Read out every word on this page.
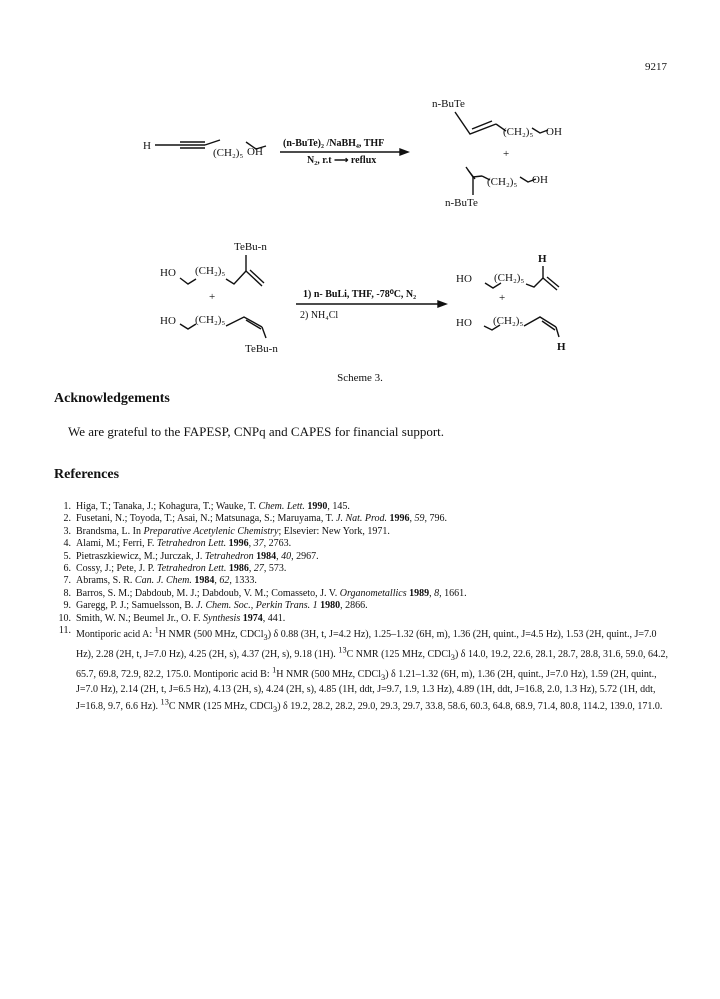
9217
H
(CH₂)₅ OH
(n-BuTe)₂ /NaBH₄, THF
N₂, r.t ⟶ reflux
n-BuTe
(CH₂)₅ OH
+
(CH₂)₅ OH
n-BuTe
TeBu-n
HO (CH₂)₅
+
HO (CH₂)₅
TeBu-n
1) n- BuLi, THF, -78⁰C, N₂
2) NH₄Cl
H
HO (CH₂)₅
+
HO (CH₂)₅
H
Scheme 3.
Acknowledgements

We are grateful to the FAPESP, CNPq and CAPES for financial support.

References
1. Higa, T.; Tanaka, J.; Kohagura, T.; Wauke, T. Chem. Lett. 1990, 145.
2. Fusetani, N.; Toyoda, T.; Asai, N.; Matsunaga, S.; Maruyama, T. J. Nat. Prod. 1996, 59, 796.
3. Brandsma, L. In Preparative Acetylenic Chemistry; Elsevier: New York, 1971.
4. Alami, M.; Ferri, F. Tetrahedron Lett. 1996, 37, 2763.
5. Pietraszkiewicz, M.; Jurczak, J. Tetrahedron 1984, 40, 2967.
6. Cossy, J.; Pete, J. P. Tetrahedron Lett. 1986, 27, 573.
7. Abrams, S. R. Can. J. Chem. 1984, 62, 1333.
8. Barros, S. M.; Dabdoub, M. J.; Dabdoub, V. M.; Comasseto, J. V. Organometallics 1989, 8, 1661.
9. Garegg, P. J.; Samuelsson, B. J. Chem. Soc., Perkin Trans. 1 1980, 2866.
10. Smith, W. N.; Beumel Jr., O. F. Synthesis 1974, 441.
11. Montiporic acid A: $^1$H NMR (500 MHz, CDCl$_3$) δ 0.88 (3H, t, J=4.2 Hz), 1.25–1.32 (6H, m), 1.36 (2H, quint., J=4.5 Hz), 1.53 (2H, quint., J=7.0 Hz), 2.28 (2H, t, J=7.0 Hz), 4.25 (2H, s), 4.37 (2H, s), 9.18 (1H). $^{13}$C NMR (125 MHz, CDCl$_3$) δ 14.0, 19.2, 22.6, 28.1, 28.7, 28.8, 31.6, 59.0, 64.2, 65.7, 69.8, 72.9, 82.2, 175.0. Montiporic acid B: $^1$H NMR (500 MHz, CDCl$_3$) δ 1.21–1.32 (6H, m), 1.36 (2H, quint., J=7.0 Hz), 1.59 (2H, quint., J=7.0 Hz), 2.14 (2H, t, J=6.5 Hz), 4.13 (2H, s), 4.24 (2H, s), 4.85 (1H, ddt, J=9.7, 1.9, 1.3 Hz), 4.89 (1H, ddt, J=16.8, 2.0, 1.3 Hz), 5.72 (1H, ddt, J=16.8, 9.7, 6.6 Hz). $^{13}$C NMR (125 MHz, CDCl$_3$) δ 19.2, 28.2, 28.2, 29.0, 29.3, 29.7, 33.8, 58.6, 60.3, 64.8, 68.9, 71.4, 80.8, 114.2, 139.0, 171.0.
